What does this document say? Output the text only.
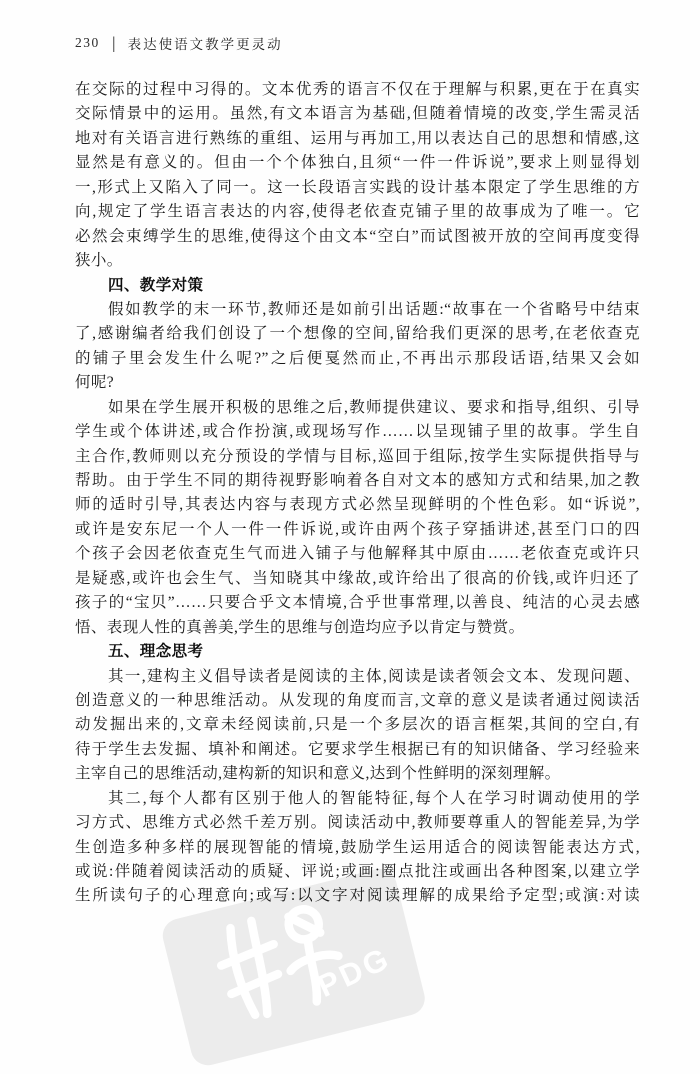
230 | 表达使语文教学更灵动
PDG
在交际的过程中习得的。文本优秀的语言不仅在于理解与积累,更在于在真实
交际情景中的运用。虽然,有文本语言为基础,但随着情境的改变,学生需灵活
地对有关语言进行熟练的重组、运用与再加工,用以表达自己的思想和情感,这
显然是有意义的。但由一个个体独白,且须“一件一件诉说”,要求上则显得划
一,形式上又陷入了同一。这一长段语言实践的设计基本限定了学生思维的方
向,规定了学生语言表达的内容,使得老依查克铺子里的故事成为了唯一。它
必然会束缚学生的思维,使得这个由文本“空白”而试图被开放的空间再度变得
狭小。
四、教学对策
假如教学的末一环节,教师还是如前引出话题:“故事在一个省略号中结束
了,感谢编者给我们创设了一个想像的空间,留给我们更深的思考,在老依查克
的铺子里会发生什么呢?”之后便戛然而止,不再出示那段话语,结果又会如
何呢?
如果在学生展开积极的思维之后,教师提供建议、要求和指导,组织、引导
学生或个体讲述,或合作扮演,或现场写作……以呈现铺子里的故事。学生自
主合作,教师则以充分预设的学情与目标,巡回于组际,按学生实际提供指导与
帮助。由于学生不同的期待视野影响着各自对文本的感知方式和结果,加之教
师的适时引导,其表达内容与表现方式必然呈现鲜明的个性色彩。如“诉说”,
或许是安东尼一个人一件一件诉说,或许由两个孩子穿插讲述,甚至门口的四
个孩子会因老依查克生气而进入铺子与他解释其中原由……老依查克或许只
是疑惑,或许也会生气、当知晓其中缘故,或许给出了很高的价钱,或许归还了
孩子的“宝贝”……只要合乎文本情境,合乎世事常理,以善良、纯洁的心灵去感
悟、表现人性的真善美,学生的思维与创造均应予以肯定与赞赏。
五、理念思考
其一,建构主义倡导读者是阅读的主体,阅读是读者领会文本、发现问题、
创造意义的一种思维活动。从发现的角度而言,文章的意义是读者通过阅读活
动发掘出来的,文章未经阅读前,只是一个多层次的语言框架,其间的空白,有
待于学生去发掘、填补和阐述。它要求学生根据已有的知识储备、学习经验来
主宰自己的思维活动,建构新的知识和意义,达到个性鲜明的深刻理解。
其二,每个人都有区别于他人的智能特征,每个人在学习时调动使用的学
习方式、思维方式必然千差万别。阅读活动中,教师要尊重人的智能差异,为学
生创造多种多样的展现智能的情境,鼓励学生运用适合的阅读智能表达方式,
或说:伴随着阅读活动的质疑、评说;或画:圈点批注或画出各种图案,以建立学
生所读句子的心理意向;或写:以文字对阅读理解的成果给予定型;或演:对读
